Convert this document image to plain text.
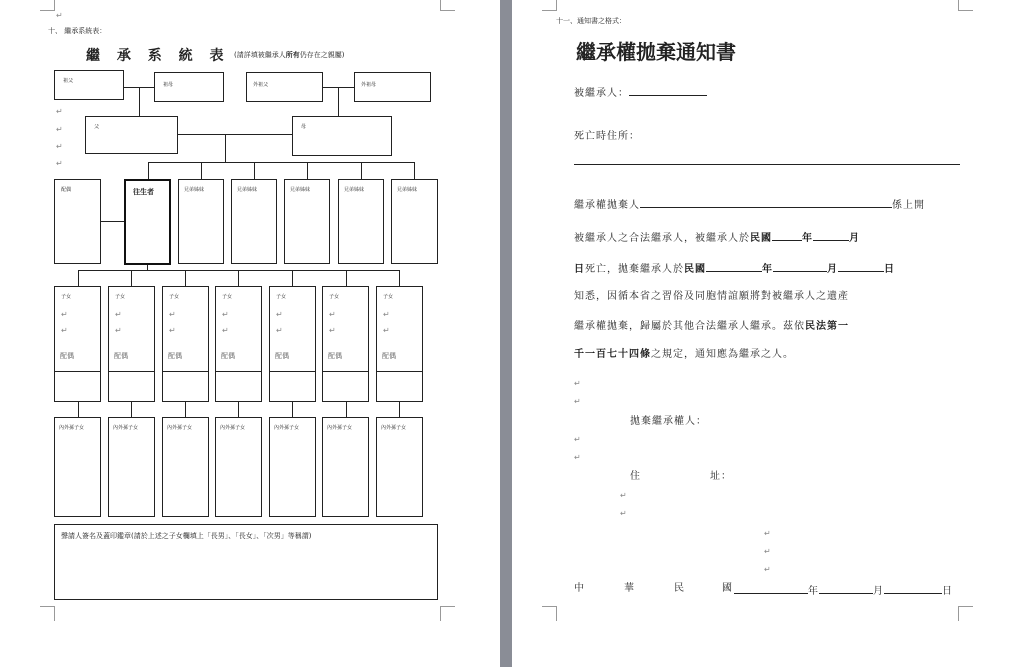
↵
十、 繼承系統表：
繼 承 系 統 表 (請詳填被繼承人所有仍存在之親屬)
祖父
祖母	外祖父	外祖母
父	母
↵
↵
↵
↵
配偶	往生者	兄弟姊妹	兄弟姊妹	兄弟姊妹	兄弟姊妹	兄弟姊妹
子女
↵
↵
配偶
子女
↵
↵
配偶
子女
↵
↵
配偶
子女
↵
↵
配偶
子女
↵
↵
配偶
子女
↵
↵
配偶
子女
↵
↵
配偶
內外孫子女	內外孫子女	內外孫子女	內外孫子女	內外孫子女	內外孫子女	內外孫子女
聲請人簽名及蓋印鑑章(請於上述之子女欄填上「長男」、「長女」、「次男」等稱謂)
十一、通知書之格式：
繼承權拋棄通知書
被繼承人：
死亡時住所：
繼承權拋棄人	係上開
被繼承人之合法繼承人，被繼承人於民國	年	月
日死亡，拋棄繼承人於民國	年	月	日
知悉，因循本省之習俗及同胞情誼願將對被繼承人之遺產
繼承權拋棄，歸屬於其他合法繼承人繼承。茲依民法第一
千一百七十四條之規定，通知應為繼承之人。
↵
↵
拋棄繼承權人：
↵
↵
住	址：
↵
↵
↵
↵
↵
中	華	民	國	年	月	日
